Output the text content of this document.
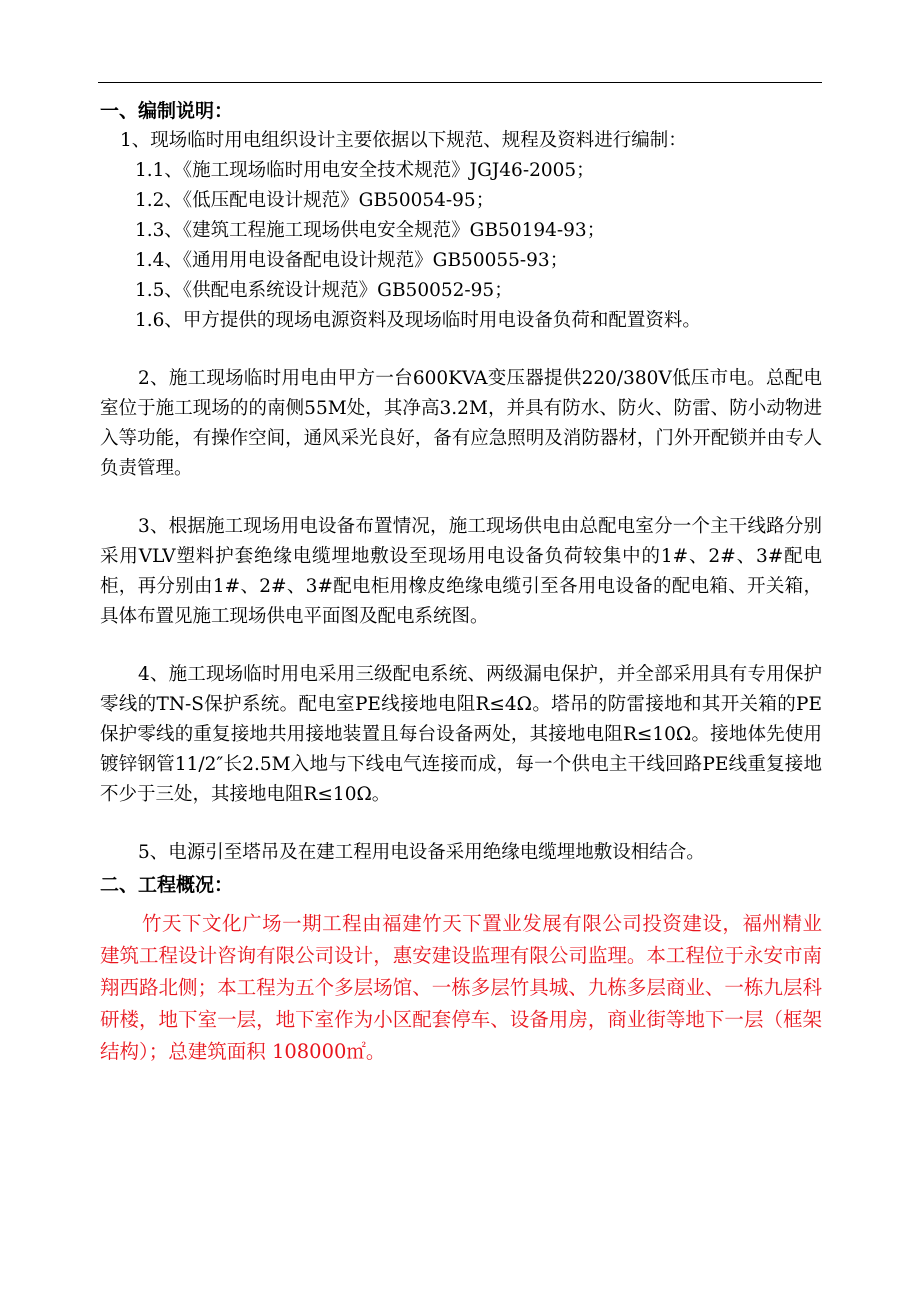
一、编制说明：
1、现场临时用电组织设计主要依据以下规范、规程及资料进行编制：
1.1、《施工现场临时用电安全技术规范》JGJ46-2005；
1.2、《低压配电设计规范》GB50054-95；
1.3、《建筑工程施工现场供电安全规范》GB50194-93；
1.4、《通用用电设备配电设计规范》GB50055-93；
1.5、《供配电系统设计规范》GB50052-95；
1.6、甲方提供的现场电源资料及现场临时用电设备负荷和配置资料。

2、施工现场临时用电由甲方一台600KVA变压器提供220/380V低压市电。总配电室位于施工现场的的南侧55M处，其净高3.2M，并具有防水、防火、防雷、防小动物进入等功能，有操作空间，通风采光良好，备有应急照明及消防器材，门外开配锁并由专人负责管理。

3、根据施工现场用电设备布置情况，施工现场供电由总配电室分一个主干线路分别采用VLV塑料护套绝缘电缆埋地敷设至现场用电设备负荷较集中的1#、2#、3#配电柜，再分别由1#、2#、3#配电柜用橡皮绝缘电缆引至各用电设备的配电箱、开关箱，具体布置见施工现场供电平面图及配电系统图。

4、施工现场临时用电采用三级配电系统、两级漏电保护，并全部采用具有专用保护零线的TN-S保护系统。配电室PE线接地电阻R≤4Ω。塔吊的防雷接地和其开关箱的PE保护零线的重复接地共用接地装置且每台设备两处，其接地电阻R≤10Ω。接地体先使用镀锌钢管11/2″长2.5M入地与下线电气连接而成，每一个供电主干线回路PE线重复接地不少于三处，其接地电阻R≤10Ω。

5、电源引至塔吊及在建工程用电设备采用绝缘电缆埋地敷设相结合。

二、工程概况：

竹天下文化广场一期工程由福建竹天下置业发展有限公司投资建设，福州精业建筑工程设计咨询有限公司设计，惠安建设监理有限公司监理。本工程位于永安市南翔西路北侧；本工程为五个多层场馆、一栋多层竹具城、九栋多层商业、一栋九层科研楼，地下室一层，地下室作为小区配套停车、设备用房，商业街等地下一层（框架结构）；总建筑面积 108000㎡。
